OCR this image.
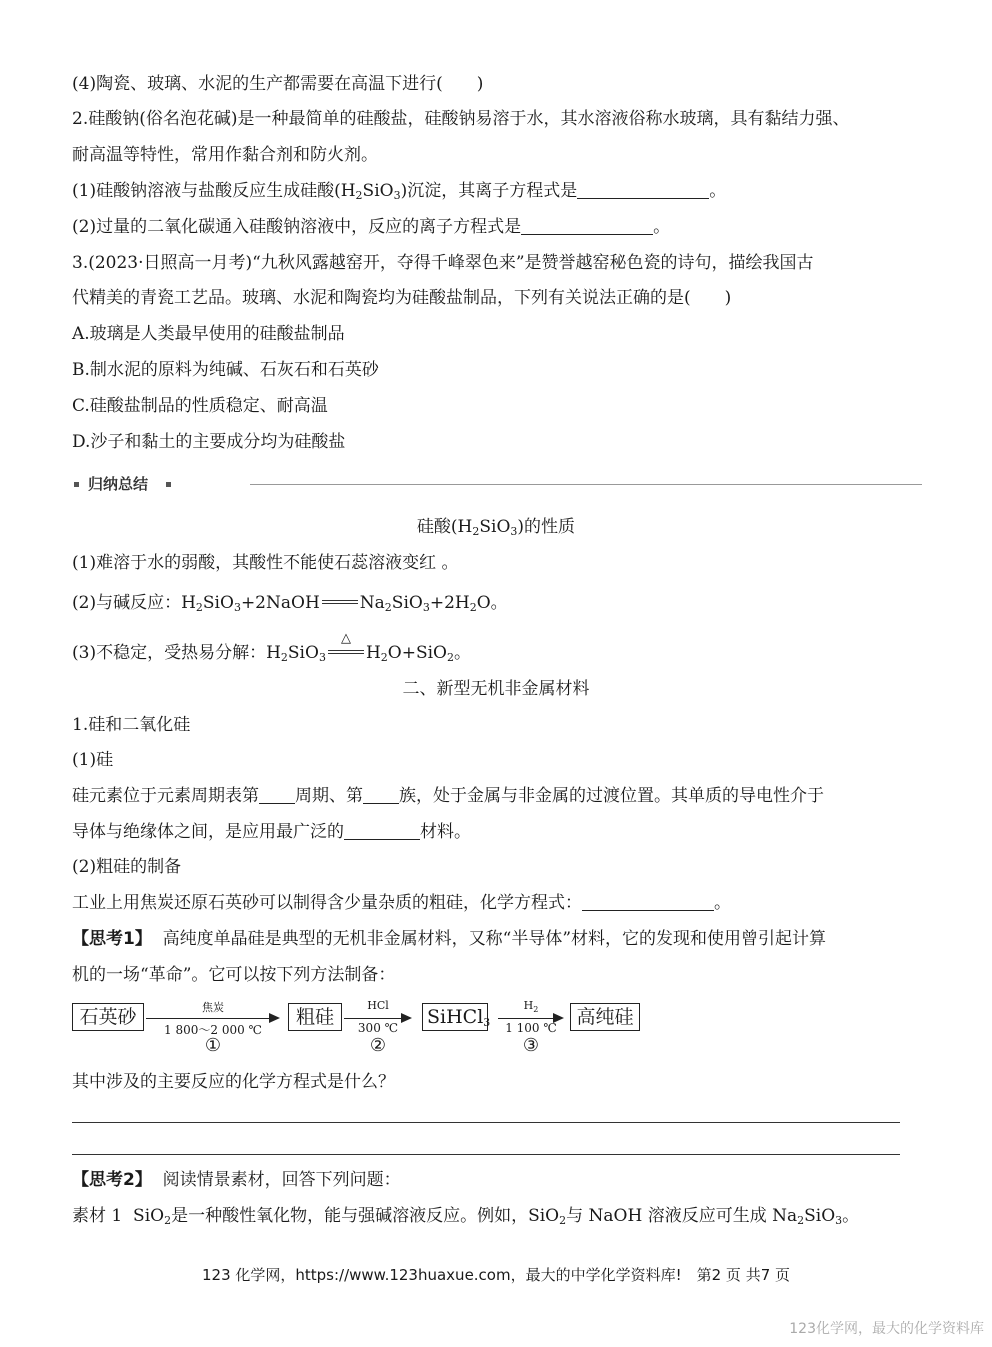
(4)陶瓷、玻璃、水泥的生产都需要在高温下进行(　　)
2.硅酸钠(俗名泡花碱)是一种最简单的硅酸盐，硅酸钠易溶于水，其水溶液俗称水玻璃，具有黏结力强、
耐高温等特性，常用作黏合剂和防火剂。
(1)硅酸钠溶液与盐酸反应生成硅酸$(H_2SiO_3)$沉淀，其离子方程式是	。
(2)过量的二氧化碳通入硅酸钠溶液中，反应的离子方程式是	。
3.(2023·日照高一月考)“九秋风露越窑开，夺得千峰翠色来”是赞誉越窑秘色瓷的诗句，描绘我国古
代精美的青瓷工艺品。玻璃、水泥和陶瓷均为硅酸盐制品，下列有关说法正确的是(　　)
A.玻璃是人类最早使用的硅酸盐制品
B.制水泥的原料为纯碱、石灰石和石英砂
C.硅酸盐制品的性质稳定、耐高温
D.沙子和黏土的主要成分均为硅酸盐
归纳总结
硅酸$(H_2SiO_3)$的性质
(1)难溶于水的弱酸，其酸性不能使石蕊溶液变红 。
(2)与碱反应：$H_2SiO_3+2NaOH$ $Na_2SiO_3+2H_2O$。
(3)不稳定，受热易分解：$H_2SiO_3$
△
$H_2O+SiO_2$。
二、新型无机非金属材料
1.硅和二氧化硅
(1)硅
硅元素位于元素周期表第 周期、第 族，处于金属与非金属的过渡位置。其单质的导电性介于
导体与绝缘体之间，是应用最广泛的	材料。
(2)粗硅的制备
工业上用焦炭还原石英砂可以制得含少量杂质的粗硅，化学方程式：	。
【思考1】 高纯度单晶硅是典型的无机非金属材料，又称“半导体”材料，它的发现和使用曾引起计算
机的一场“革命”。它可以按下列方法制备：
石英砂	焦炭
1 800～2 000 ℃
①
粗硅
HCl
300 ℃
②
SiHCl$_3$
$H_2$
1 100 ℃
③
高纯硅
其中涉及的主要反应的化学方程式是什么？
【思考2】 阅读情景素材，回答下列问题：
素材 1 SiO$_2$是一种酸性氧化物，能与强碱溶液反应。例如，SiO$_2$与 NaOH 溶液反应可生成 $Na_2SiO_3$。
123 化学网，https://www.123huaxue.com，最大的中学化学资料库!　第2 页 共7 页
123化学网，最大的化学资料库
